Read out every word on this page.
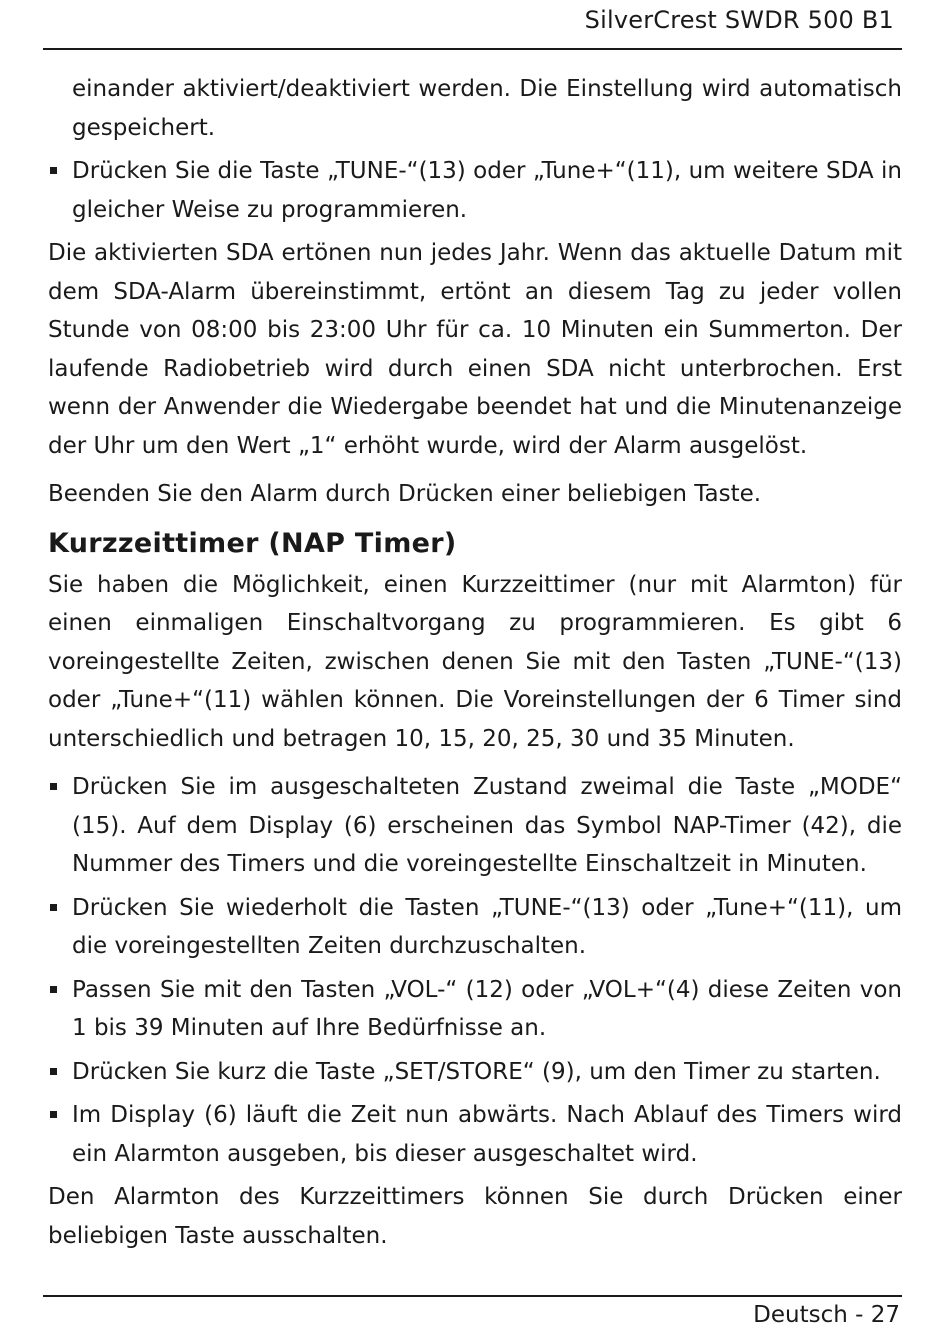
SilverCrest SWDR 500 B1

einander aktiviert/deaktiviert werden. Die Einstellung wird automatisch gespeichert.

Drücken Sie die Taste „TUNE-“(13) oder „Tune+“(11), um weitere SDA in gleicher Weise zu programmieren.

Die aktivierten SDA ertönen nun jedes Jahr. Wenn das aktuelle Datum mit dem SDA-Alarm übereinstimmt, ertönt an diesem Tag zu jeder vollen Stunde von 08:00 bis 23:00 Uhr für ca. 10 Minuten ein Summerton. Der laufende Radiobetrieb wird durch einen SDA nicht unterbrochen. Erst wenn der Anwender die Wiedergabe beendet hat und die Minutenanzeige der Uhr um den Wert „1“ erhöht wurde, wird der Alarm ausgelöst.

Beenden Sie den Alarm durch Drücken einer beliebigen Taste.

Kurzzeittimer (NAP Timer)

Sie haben die Möglichkeit, einen Kurzzeittimer (nur mit Alarmton) für einen einmaligen Einschaltvorgang zu programmieren. Es gibt 6 voreingestellte Zeiten, zwischen denen Sie mit den Tasten „TUNE-“(13) oder „Tune+“(11) wählen können. Die Voreinstellungen der 6 Timer sind unterschiedlich und betragen 10, 15, 20, 25, 30 und 35 Minuten.

Drücken Sie im ausgeschalteten Zustand zweimal die Taste „MODE“ (15). Auf dem Display (6) erscheinen das Symbol NAP-Timer (42), die Nummer des Timers und die voreingestellte Einschaltzeit in Minuten.
Drücken Sie wiederholt die Tasten „TUNE-“(13) oder „Tune+“(11), um die voreingestellten Zeiten durchzuschalten.
Passen Sie mit den Tasten „VOL-“ (12) oder „VOL+“(4) diese Zeiten von 1 bis 39 Minuten auf Ihre Bedürfnisse an.
Drücken Sie kurz die Taste „SET/STORE“ (9), um den Timer zu starten.
Im Display (6) läuft die Zeit nun abwärts. Nach Ablauf des Timers wird ein Alarmton ausgeben, bis dieser ausgeschaltet wird.

Den Alarmton des Kurzzeittimers können Sie durch Drücken einer beliebigen Taste ausschalten.

Deutsch - 27
